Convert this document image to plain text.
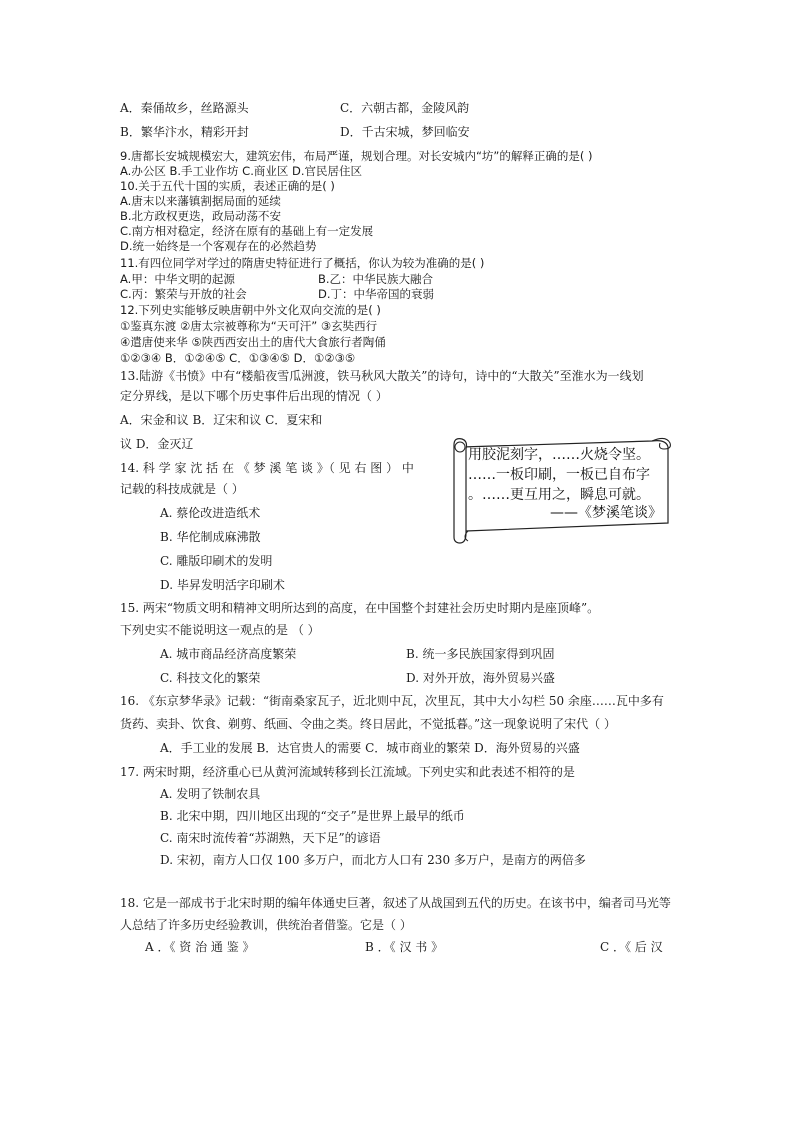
A．秦俑故乡，丝路源头	C．六朝古都，金陵风韵
B．繁华汴水，精彩开封	D．千古宋城，梦回临安
9.唐都长安城规模宏大，建筑宏伟，布局严谨，规划合理。对长安城内“坊”的解释正确的是( )
A.办公区 B.手工业作坊 C.商业区 D.官民居住区
10.关于五代十国的实质，表述正确的是( )
A.唐末以来藩镇割据局面的延续
B.北方政权更迭，政局动荡不安
C.南方相对稳定，经济在原有的基础上有一定发展
D.统一始终是一个客观存在的必然趋势
11.有四位同学对学过的隋唐史特征进行了概括，你认为较为准确的是( )
A.甲：中华文明的起源	B.乙：中华民族大融合
C.丙：繁荣与开放的社会	D.丁：中华帝国的衰弱
12.下列史实能够反映唐朝中外文化双向交流的是( )
①鉴真东渡 ②唐太宗被尊称为“天可汗” ③玄奘西行
④遣唐使来华 ⑤陕西西安出土的唐代大食旅行者陶俑
①②③④ B．①②④⑤ C．①③④⑤ D．①②③⑤
13.陆游《书愤》中有“楼船夜雪瓜洲渡，铁马秋风大散关”的诗句，诗中的“大散关”至淮水为一线划
定分界线，是以下哪个历史事件后出现的情况（ ）
A．宋金和议 B．辽宋和议 C．夏宋和
议 D．金灭辽
14. 科 学 家 沈 括 在 《 梦 溪 笔 谈 》（ 见 右 图 ） 中
记载的科技成就是（ ）
A. 蔡伦改进造纸术
B. 华佗制成麻沸散
C. 雕版印刷术的发明
D. 毕昇发明活字印刷术
15. 两宋“物质文明和精神文明所达到的高度，在中国整个封建社会历史时期内是座顶峰”。
下列史实不能说明这一观点的是 （ ）
A. 城市商品经济高度繁荣	B. 统一多民族国家得到巩固
C. 科技文化的繁荣	D. 对外开放，海外贸易兴盛
16. 《东京梦华录》记载：“街南桑家瓦子，近北则中瓦，次里瓦，其中大小勾栏 50 余座……瓦中多有
货药、卖卦、饮食、剃剪、纸画、令曲之类。终日居此，不觉抵暮。”这一现象说明了宋代（ ）
A．手工业的发展 B．达官贵人的需要 C．城市商业的繁荣 D．海外贸易的兴盛
17. 两宋时期，经济重心已从黄河流域转移到长江流域。下列史实和此表述不相符的是
A. 发明了铁制农具
B. 北宋中期，四川地区出现的“交子”是世界上最早的纸币
C. 南宋时流传着“苏湖熟，天下足”的谚语
D. 宋初，南方人口仅 100 多万户，而北方人口有 230 多万户，是南方的两倍多
18. 它是一部成书于北宋时期的编年体通史巨著，叙述了从战国到五代的历史。在该书中，编者司马光等
人总结了许多历史经验教训，供统治者借鉴。它是（ ）
A ．《 资 治 通 鉴 》	B ．《 汉 书 》	C ．《 后 汉
用胶泥刻字，……火烧令坚。
……一板印刷，一板已自布字
。……更互用之，瞬息可就。
——《梦溪笔谈》
